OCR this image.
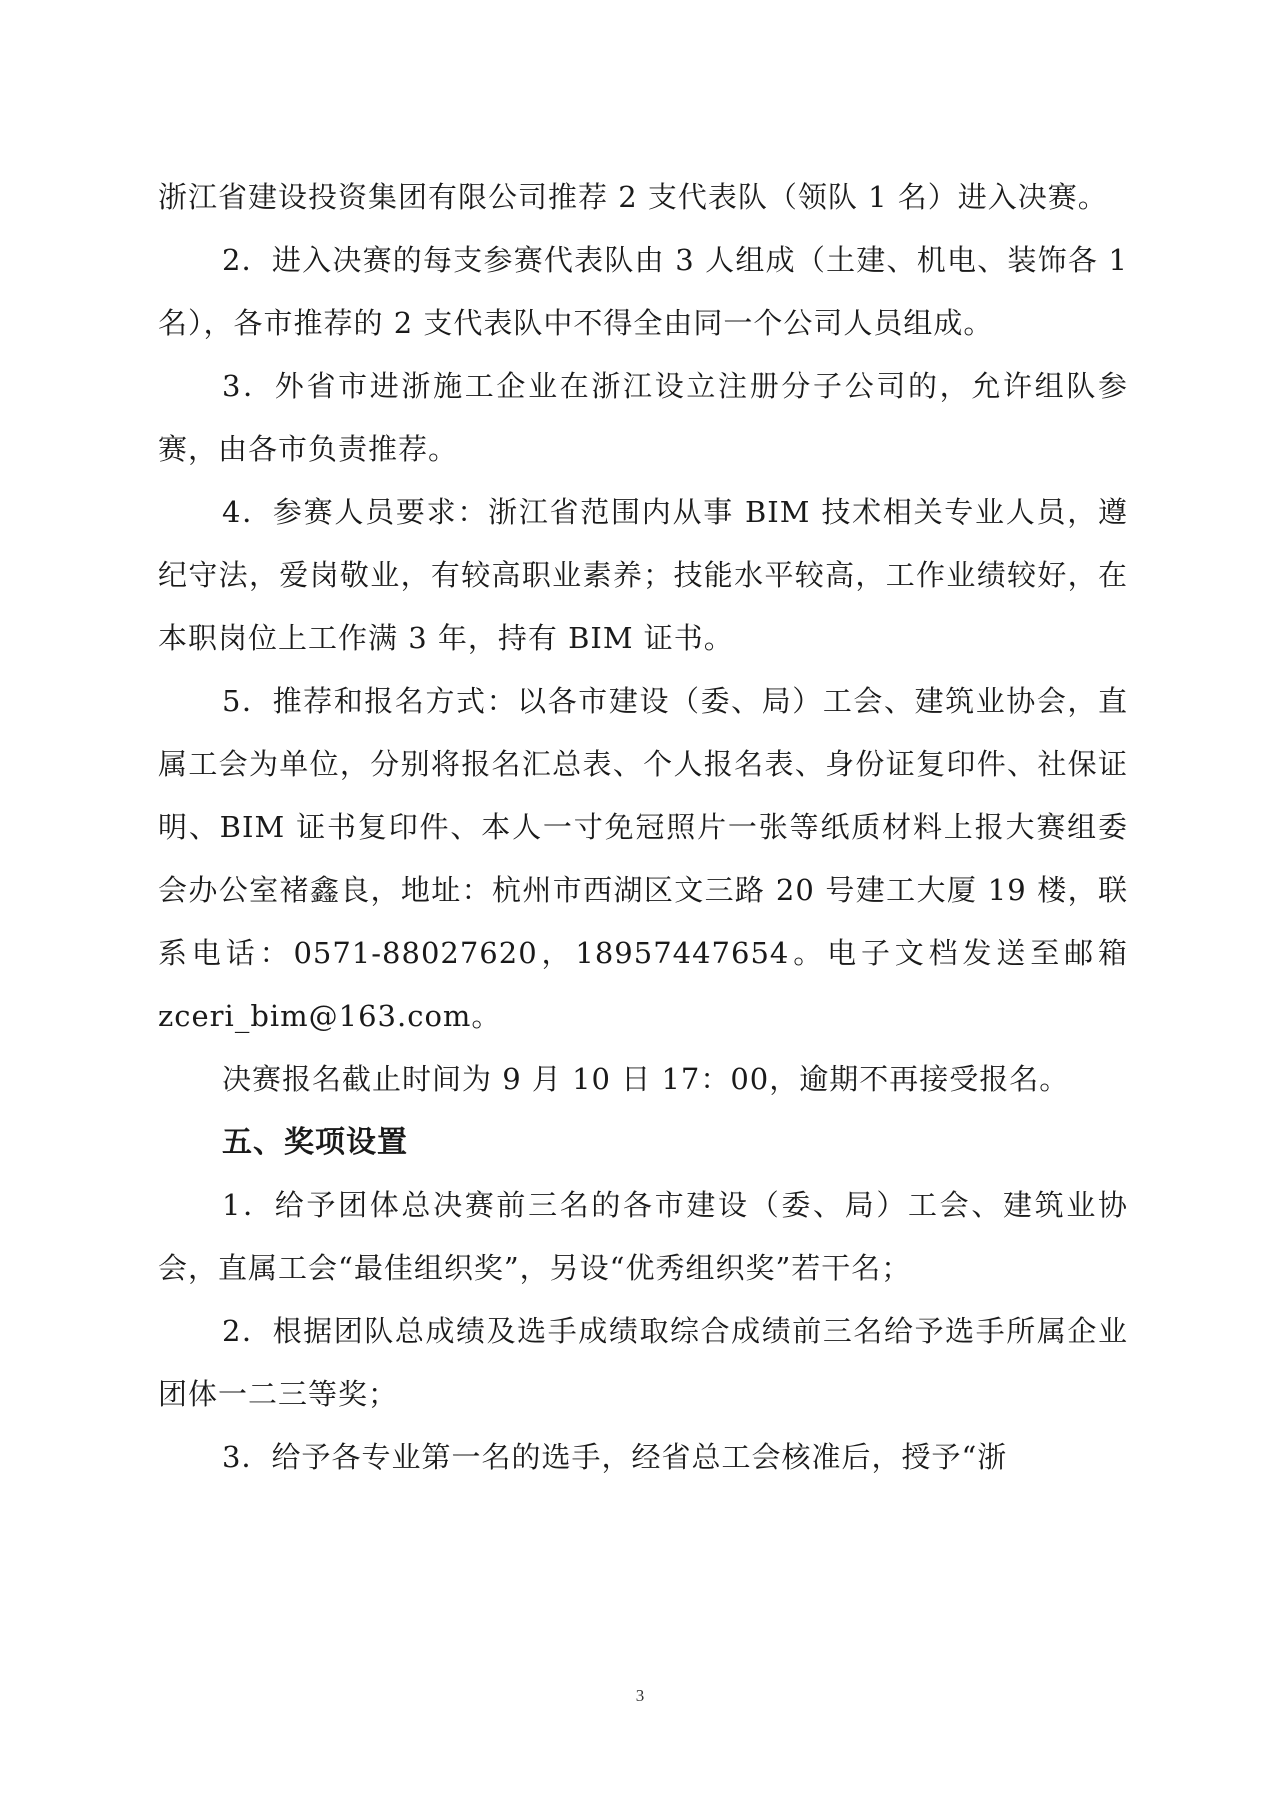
浙江省建设投资集团有限公司推荐 2 支代表队（领队 1 名）进入决赛。

2．进入决赛的每支参赛代表队由 3 人组成（土建、机电、装饰各 1 名），各市推荐的 2 支代表队中不得全由同一个公司人员组成。

3．外省市进浙施工企业在浙江设立注册分子公司的，允许组队参赛，由各市负责推荐。

4．参赛人员要求：浙江省范围内从事 BIM 技术相关专业人员，遵纪守法，爱岗敬业，有较高职业素养；技能水平较高，工作业绩较好，在本职岗位上工作满 3 年，持有 BIM 证书。

5．推荐和报名方式：以各市建设（委、局）工会、建筑业协会，直属工会为单位，分别将报名汇总表、个人报名表、身份证复印件、社保证明、BIM 证书复印件、本人一寸免冠照片一张等纸质材料上报大赛组委会办公室褚鑫良，地址：杭州市西湖区文三路 20 号建工大厦 19 楼，联系电话：0571-88027620，18957447654。电子文档发送至邮箱 zceri_bim@163.com。

决赛报名截止时间为 9 月 10 日 17：00，逾期不再接受报名。

五、奖项设置

1．给予团体总决赛前三名的各市建设（委、局）工会、建筑业协会，直属工会“最佳组织奖”，另设“优秀组织奖”若干名；

2．根据团队总成绩及选手成绩取综合成绩前三名给予选手所属企业团体一二三等奖；

3．给予各专业第一名的选手，经省总工会核准后，授予“浙

3
